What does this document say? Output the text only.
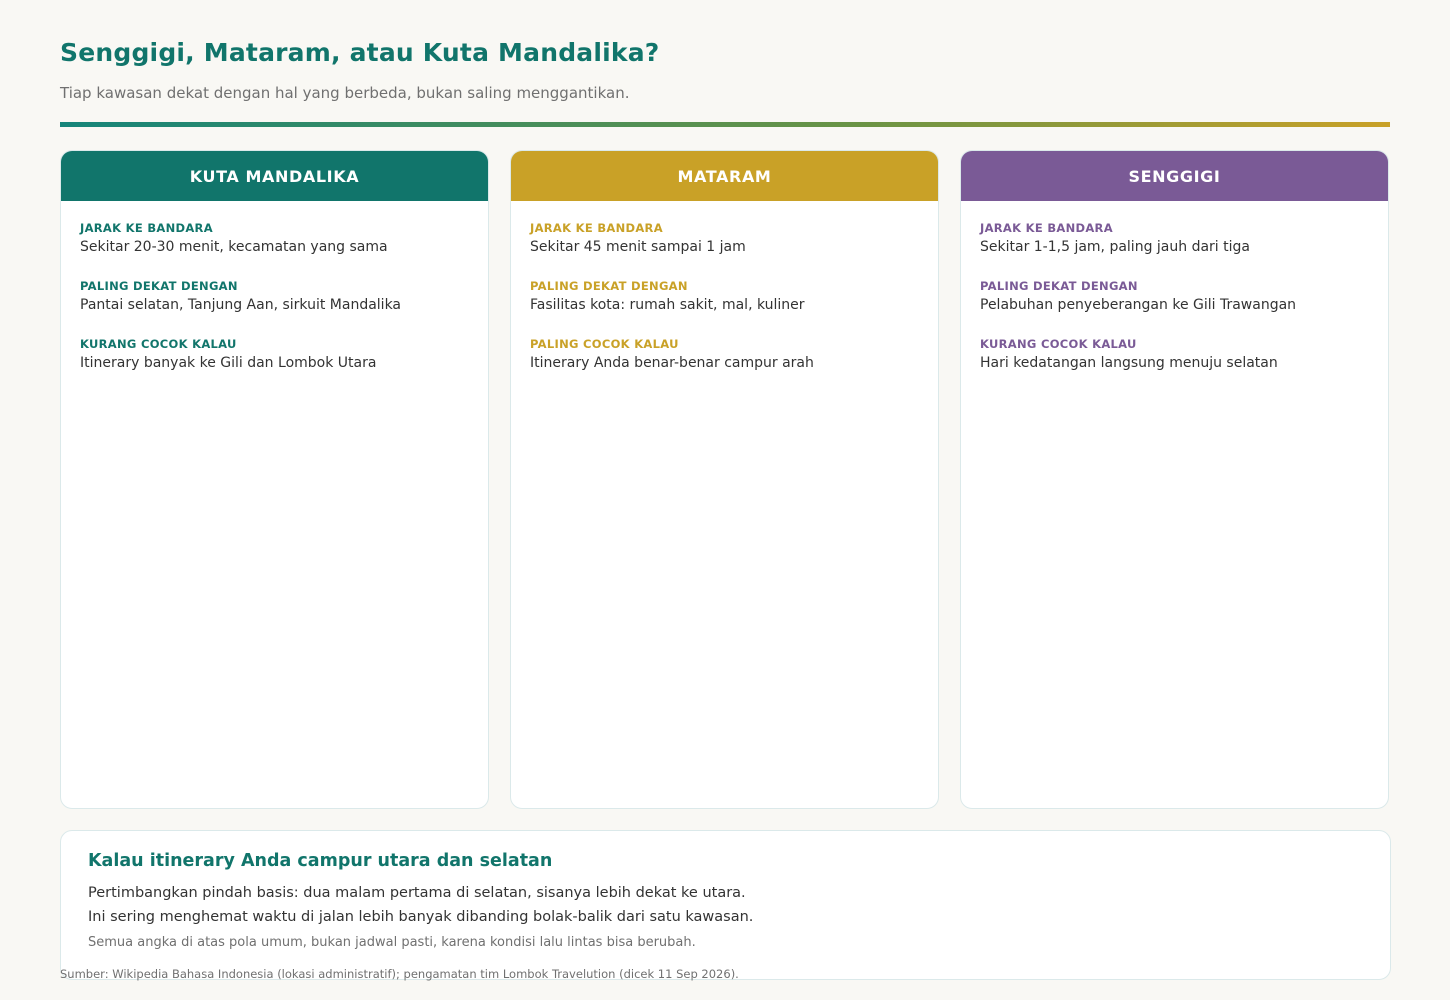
Senggigi, Mataram, atau Kuta Mandalika?
Tiap kawasan dekat dengan hal yang berbeda, bukan saling menggantikan.
KUTA MANDALIKA
JARAK KE BANDARA
Sekitar 20-30 menit, kecamatan yang sama
PALING DEKAT DENGAN
Pantai selatan, Tanjung Aan, sirkuit Mandalika
KURANG COCOK KALAU
Itinerary banyak ke Gili dan Lombok Utara
MATARAM
JARAK KE BANDARA
Sekitar 45 menit sampai 1 jam
PALING DEKAT DENGAN
Fasilitas kota: rumah sakit, mal, kuliner
PALING COCOK KALAU
Itinerary Anda benar-benar campur arah
SENGGIGI
JARAK KE BANDARA
Sekitar 1-1,5 jam, paling jauh dari tiga
PALING DEKAT DENGAN
Pelabuhan penyeberangan ke Gili Trawangan
KURANG COCOK KALAU
Hari kedatangan langsung menuju selatan
Kalau itinerary Anda campur utara dan selatan
Pertimbangkan pindah basis: dua malam pertama di selatan, sisanya lebih dekat ke utara.
Ini sering menghemat waktu di jalan lebih banyak dibanding bolak-balik dari satu kawasan.
Semua angka di atas pola umum, bukan jadwal pasti, karena kondisi lalu lintas bisa berubah.
Sumber: Wikipedia Bahasa Indonesia (lokasi administratif); pengamatan tim Lombok Travelution (dicek 11 Sep 2026).
